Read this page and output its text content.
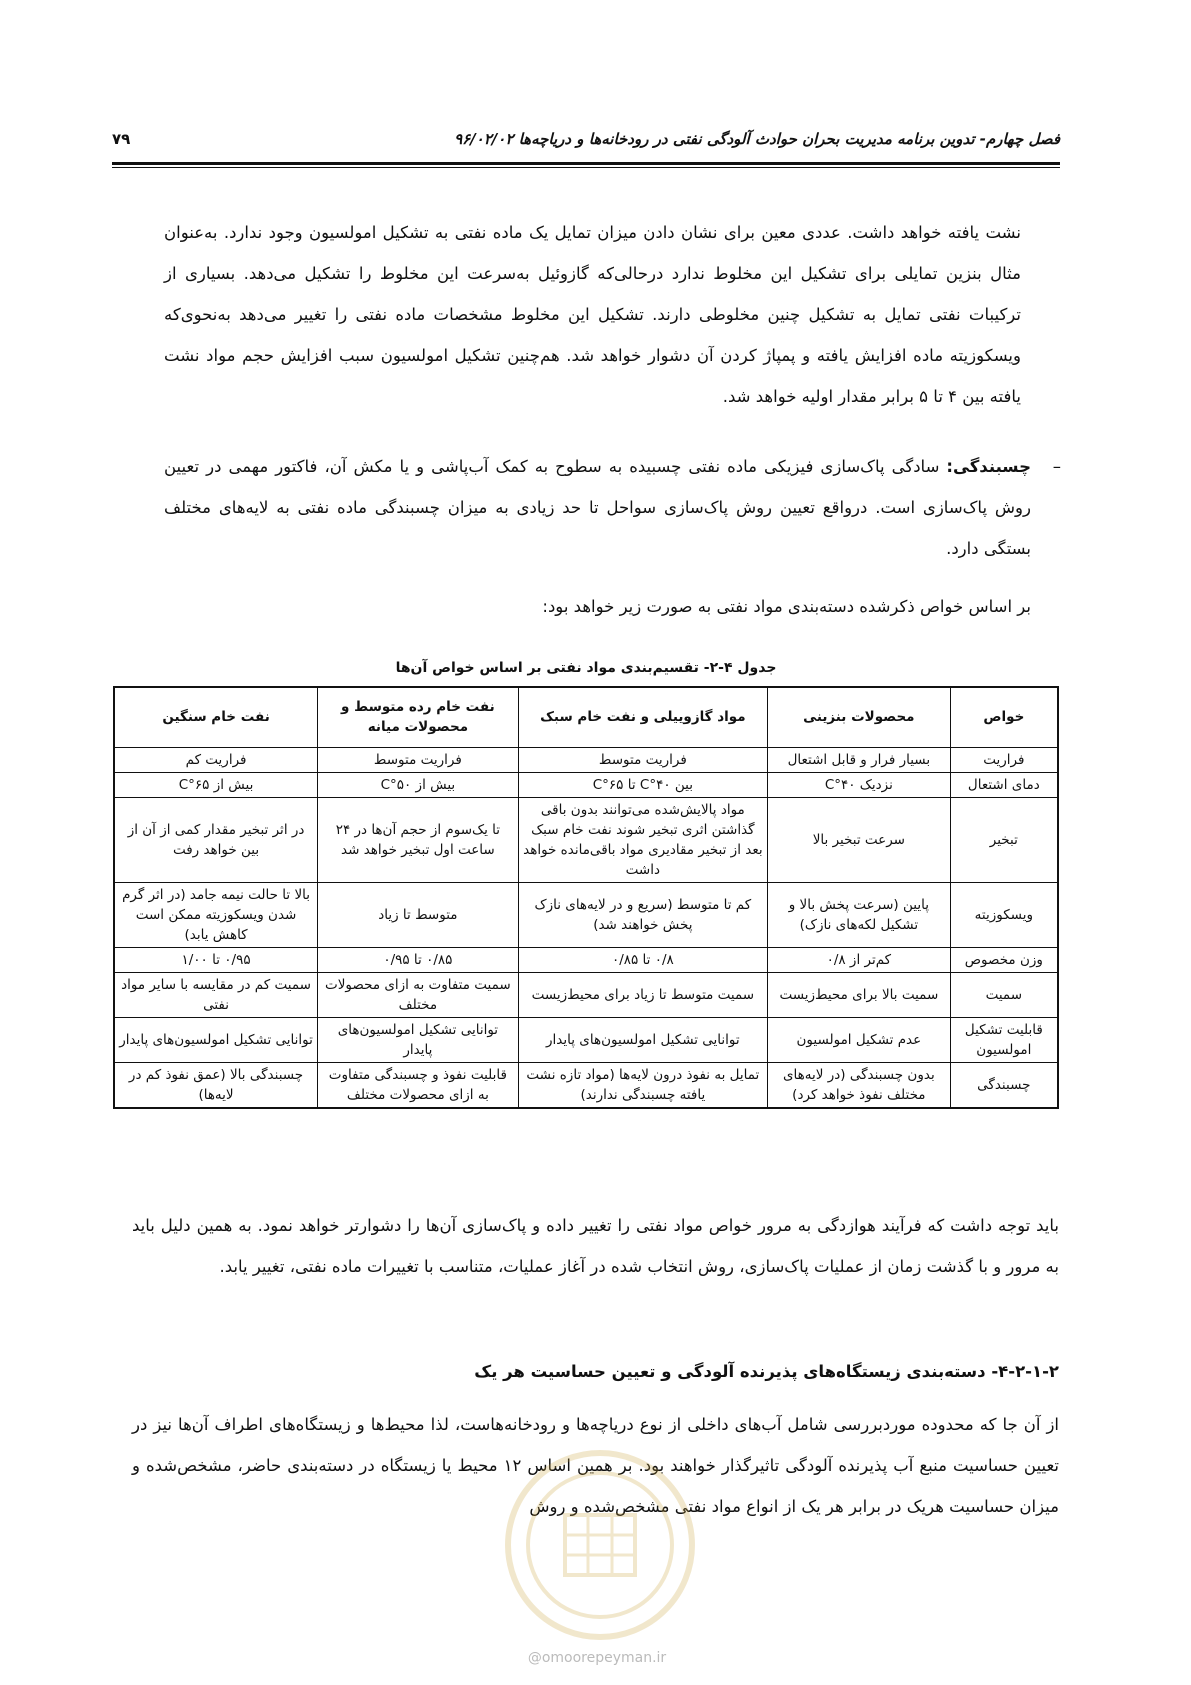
فصل چهارم- تدوین برنامه مدیریت بحران حوادث آلودگی نفتی در رودخانه‌ها و دریاچه‌ها ۹۶/۰۲/۰۲
۷۹

نشت یافته خواهد داشت. عددی معین برای نشان دادن میزان تمایل یک ماده نفتی به تشکیل امولسیون وجود ندارد. به‌عنوان مثال بنزین تمایلی برای تشکیل این مخلوط ندارد درحالی‌که گازوئیل به‌سرعت این مخلوط را تشکیل می‌دهد. بسیاری از ترکیبات نفتی تمایل به تشکیل چنین مخلوطی دارند. تشکیل این مخلوط مشخصات ماده نفتی را تغییر می‌دهد به‌نحوی‌که ویسکوزیته ماده افزایش یافته و پمپاژ کردن آن دشوار خواهد شد. هم‌چنین تشکیل امولسیون سبب افزایش حجم مواد نشت یافته بین ۴ تا ۵ برابر مقدار اولیه خواهد شد.

–

چسبندگی: سادگی پاک‌سازی فیزیکی ماده نفتی چسبیده به سطوح به کمک آب‌پاشی و یا مکش آن، فاکتور مهمی در تعیین روش پاک‌سازی است. درواقع تعیین روش پاک‌سازی سواحل تا حد زیادی به میزان چسبندگی ماده نفتی به لایه‌های مختلف بستگی دارد.

بر اساس خواص ذکرشده دسته‌بندی مواد نفتی به صورت زیر خواهد بود:
جدول ۴-۲- تقسیم‌بندی مواد نفتی بر اساس خواص آن‌ها
خواص	محصولات بنزینی	مواد گازوییلی و نفت خام سبک	نفت خام رده متوسط و محصولات میانه	نفت خام سنگین
فراریت	بسیار فرار و قابل اشتعال	فراریت متوسط	فراریت متوسط	فراریت کم
دمای اشتعال	نزدیک ۴۰°C	بین ۴۰°C تا ۶۵°C	بیش از ۵۰°C	بیش از ۶۵°C
تبخیر	سرعت تبخیر بالا	مواد پالایش‌شده می‌توانند بدون باقی گذاشتن اثری تبخیر شوند نفت خام سبک بعد از تبخیر مقادیری مواد باقی‌مانده خواهد داشت	تا یک‌سوم از حجم آن‌ها در ۲۴ ساعت اول تبخیر خواهد شد	در اثر تبخیر مقدار کمی از آن از بین خواهد رفت
ویسکوزیته	پایین (سرعت پخش بالا و تشکیل لکه‌های نازک)	کم تا متوسط (سریع و در لایه‌های نازک پخش خواهند شد)	متوسط تا زیاد	بالا تا حالت نیمه جامد (در اثر گرم شدن ویسکوزیته ممکن است کاهش یابد)
وزن مخصوص	کم‌تر از ۰/۸	۰/۸ تا ۰/۸۵	۰/۸۵ تا ۰/۹۵	۰/۹۵ تا ۱/۰۰
سمیت	سمیت بالا برای محیط‌زیست	سمیت متوسط تا زیاد برای محیط‌زیست	سمیت متفاوت به ازای محصولات مختلف	سمیت کم در مقایسه با سایر مواد نفتی
قابلیت تشکیل امولسیون	عدم تشکیل امولسیون	توانایی تشکیل امولسیون‌های پایدار	توانایی تشکیل امولسیون‌های پایدار	توانایی تشکیل امولسیون‌های پایدار
چسبندگی	بدون چسبندگی (در لایه‌های مختلف نفوذ خواهد کرد)	تمایل به نفوذ درون لایه‌ها (مواد تازه نشت یافته چسبندگی ندارند)	قابلیت نفوذ و چسبندگی متفاوت به ازای محصولات مختلف	چسبندگی بالا (عمق نفوذ کم در لایه‌ها)

باید توجه داشت که فرآیند هوازدگی به مرور خواص مواد نفتی را تغییر داده و پاک‌سازی آن‌ها را دشوارتر خواهد نمود. به همین دلیل باید به مرور و با گذشت زمان از عملیات پاک‌سازی، روش انتخاب شده در آغاز عملیات، متناسب با تغییرات ماده نفتی، تغییر یابد.

۴-۲-۱-۲- دسته‌بندی زیستگاه‌های پذیرنده آلودگی و تعیین حساسیت هر یک

از آن جا که محدوده موردبررسی شامل آب‌های داخلی از نوع دریاچه‌ها و رودخانه‌هاست، لذا محیط‌ها و زیستگاه‌های اطراف آن‌ها نیز در تعیین حساسیت منبع آب پذیرنده آلودگی تاثیرگذار خواهند بود. بر همین اساس ۱۲ محیط یا زیستگاه در دسته‌بندی حاضر، مشخص‌شده و میزان حساسیت هریک در برابر هر یک از انواع مواد نفتی مشخص‌شده و روش

@omoorepeyman.ir
